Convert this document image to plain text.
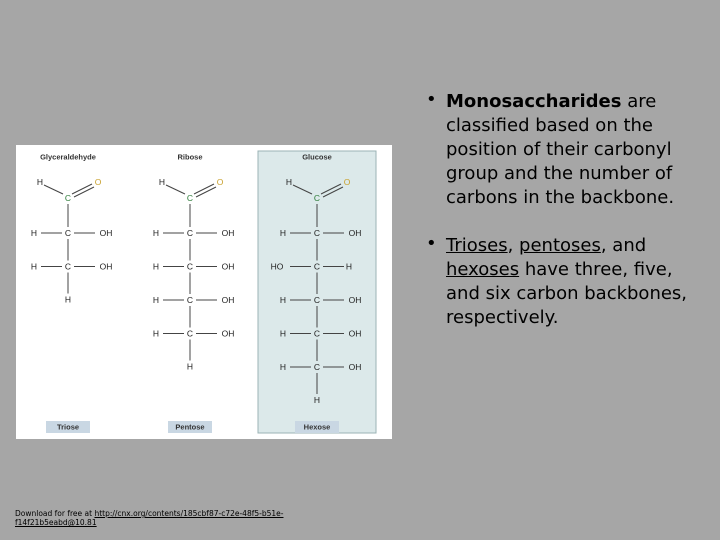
Glyceraldehyde
H	O
C
C
H	OH
C
H	OH
H
Triose
Ribose
H	O
C
C
H	OH
C
H	OH
C
H	OH
C
H	OH
H
Pentose
Glucose
H	O
C
C
H	OH
C
HO	H
C
H	OH
C
H	OH
C
H	OH
H
Hexose
• Monosaccharides are classified based on the position of their carbonyl group and the number of carbons in the backbone.
• Trioses, pentoses, and hexoses have three, five, and six carbon backbones, respectively.
Download for free at http://cnx.org/contents/185cbf87-c72e-48f5-b51e-f14f21b5eabd@10.81
